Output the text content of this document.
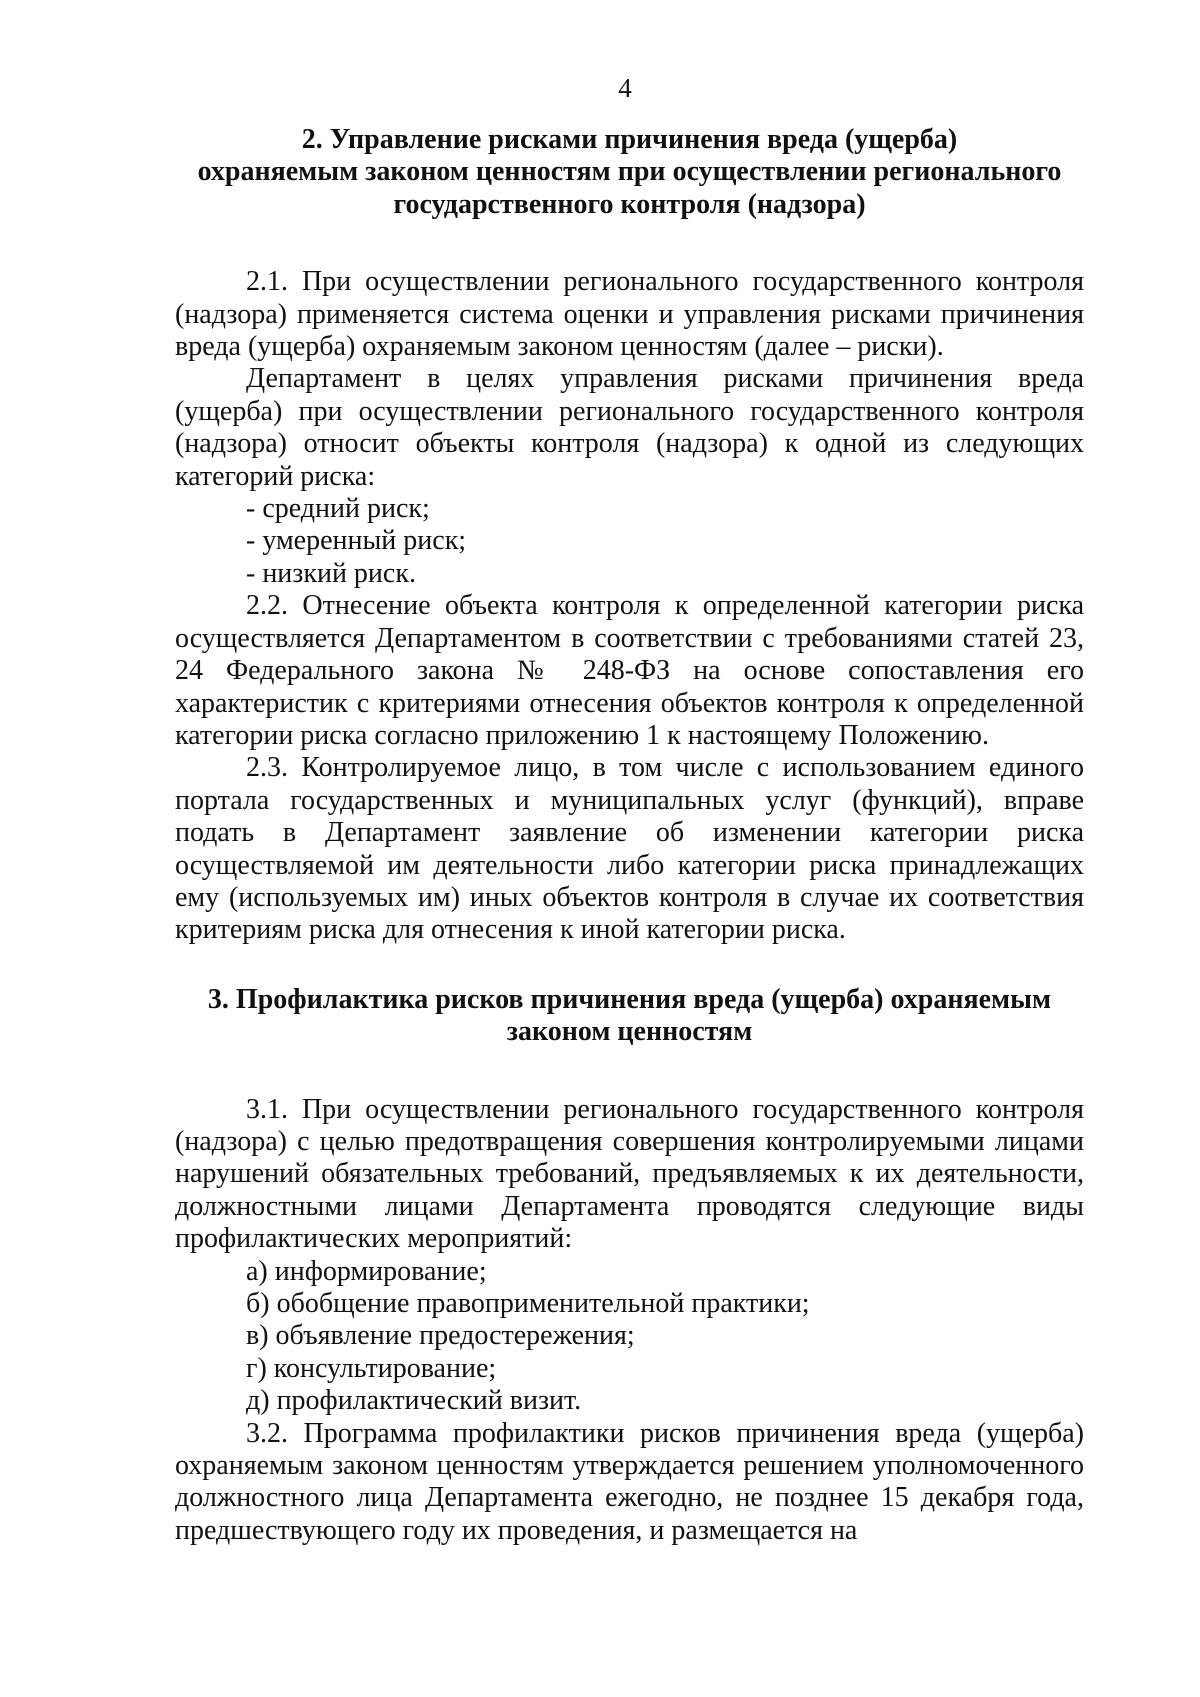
4
2. Управление рисками причинения вреда (ущерба)
охраняемым законом ценностям при осуществлении регионального
государственного контроля (надзора)

2.1. При осуществлении регионального государственного контроля (надзора) применяется система оценки и управления рисками причинения вреда (ущерба) охраняемым законом ценностям (далее – риски).

Департамент в целях управления рисками причинения вреда (ущерба) при осуществлении регионального государственного контроля (надзора) относит объекты контроля (надзора) к одной из следующих категорий риска:

- средний риск;

- умеренный риск;

- низкий риск.

2.2. Отнесение объекта контроля к определенной категории риска осуществляется Департаментом в соответствии с требованиями статей 23, 24 Федерального закона № 248-ФЗ на основе сопоставления его характеристик с критериями отнесения объектов контроля к определенной категории риска согласно приложению 1 к настоящему Положению.

2.3. Контролируемое лицо, в том числе с использованием единого портала государственных и муниципальных услуг (функций), вправе подать в Департамент заявление об изменении категории риска осуществляемой им деятельности либо категории риска принадлежащих ему (используемых им) иных объектов контроля в случае их соответствия критериям риска для отнесения к иной категории риска.

3. Профилактика рисков причинения вреда (ущерба) охраняемым
законом ценностям

3.1. При осуществлении регионального государственного контроля (надзора) с целью предотвращения совершения контролируемыми лицами нарушений обязательных требований, предъявляемых к их деятельности, должностными лицами Департамента проводятся следующие виды профилактических мероприятий:

а) информирование;

б) обобщение правоприменительной практики;

в) объявление предостережения;

г) консультирование;

д) профилактический визит.

3.2. Программа профилактики рисков причинения вреда (ущерба) охраняемым законом ценностям утверждается решением уполномоченного должностного лица Департамента ежегодно, не позднее 15 декабря года, предшествующего году их проведения, и размещается на
